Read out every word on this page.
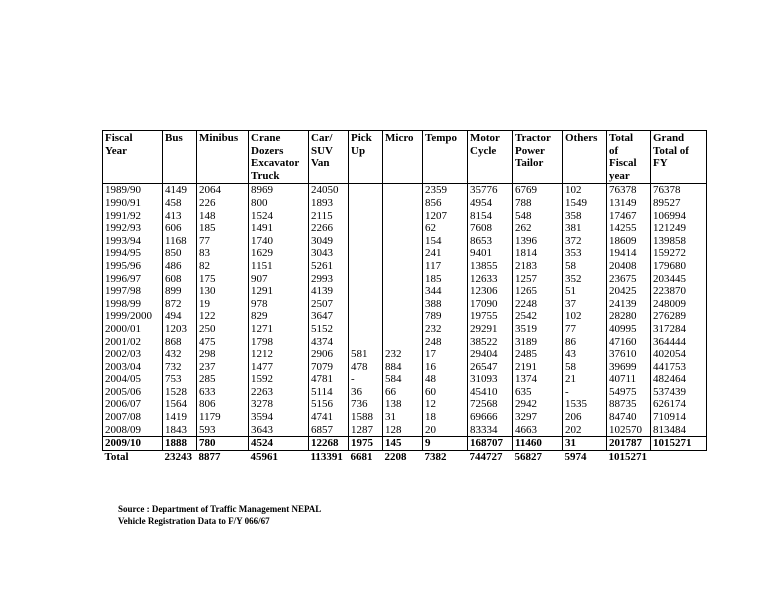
Fiscal
Year	Bus	Minibus	Crane
Dozers
Excavator
Truck	Car/
SUV
Van	Pick
Up	Micro	Tempo	Motor
Cycle	Tractor
Power
Tailor	Others	Total
of
Fiscal
year	Grand
Total of
FY
1989/90	4149	2064	8969	24050			2359	35776	6769	102	76378	76378
1990/91	458	226	800	1893			856	4954	788	1549	13149	89527
1991/92	413	148	1524	2115			1207	8154	548	358	17467	106994
1992/93	606	185	1491	2266			62	7608	262	381	14255	121249
1993/94	1168	77	1740	3049			154	8653	1396	372	18609	139858
1994/95	850	83	1629	3043			241	9401	1814	353	19414	159272
1995/96	486	82	1151	5261			117	13855	2183	58	20408	179680
1996/97	608	175	907	2993			185	12633	1257	352	23675	203445
1997/98	899	130	1291	4139			344	12306	1265	51	20425	223870
1998/99	872	19	978	2507			388	17090	2248	37	24139	248009
1999/2000	494	122	829	3647			789	19755	2542	102	28280	276289
2000/01	1203	250	1271	5152			232	29291	3519	77	40995	317284
2001/02	868	475	1798	4374			248	38522	3189	86	47160	364444
2002/03	432	298	1212	2906	581	232	17	29404	2485	43	37610	402054
2003/04	732	237	1477	7079	478	884	16	26547	2191	58	39699	441753
2004/05	753	285	1592	4781	-	584	48	31093	1374	21	40711	482464
2005/06	1528	633	2263	5114	36	66	60	45410	635	-	54975	537439
2006/07	1564	806	3278	5156	736	138	12	72568	2942	1535	88735	626174
2007/08	1419	1179	3594	4741	1588	31	18	69666	3297	206	84740	710914
2008/09	1843	593	3643	6857	1287	128	20	83334	4663	202	102570	813484
2009/10	1888	780	4524	12268	1975	145	9	168707	11460	31	201787	1015271
Total	23243	8877	45961	113391	6681	2208	7382	744727	56827	5974	1015271	
Source : Department of Traffic Management NEPAL
Vehicle Registration Data to F/Y 066/67
